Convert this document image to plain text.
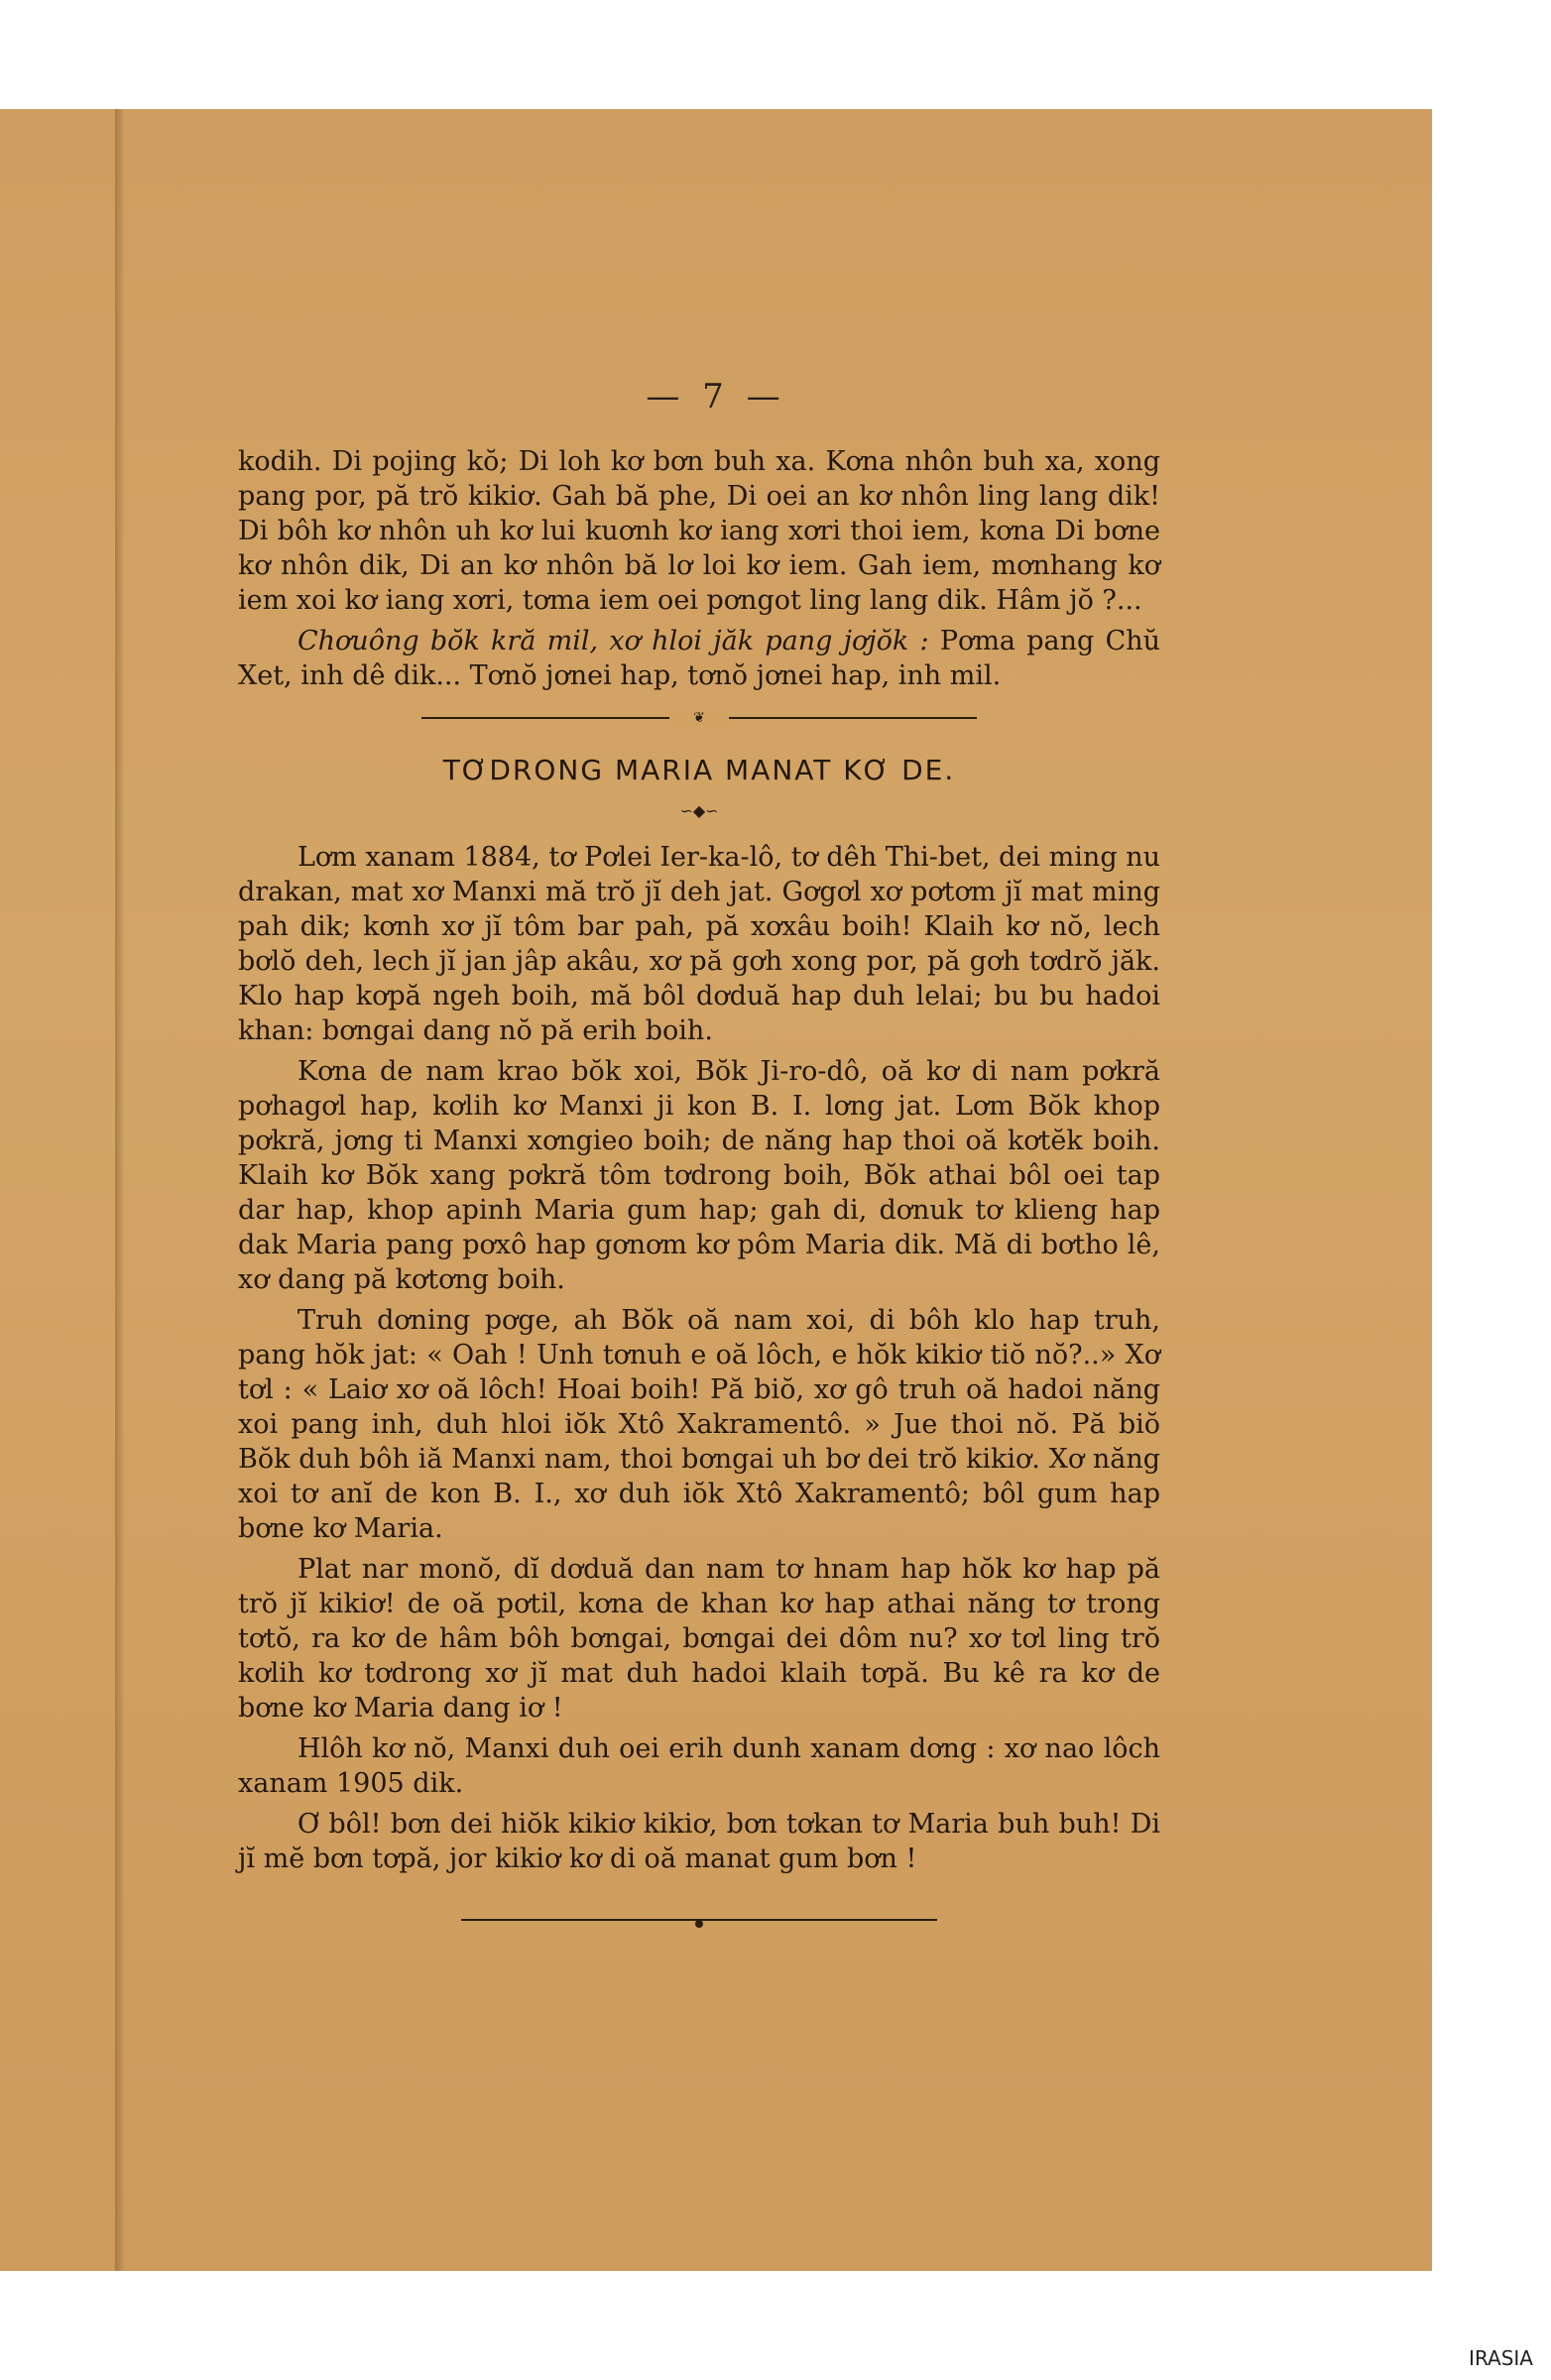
— 7 —

kodih. Di pojing kŏ; Di loh kơ bơn buh xa. Kơna nhôn buh xa, xong pang por, pă trŏ kikiơ. Gah bă phe, Di oei an kơ nhôn ling lang dik! Di bôh kơ nhôn uh kơ lui kuơnh kơ iang xơri thoi iem, kơna Di bơne kơ nhôn dik, Di an kơ nhôn bă lơ loi kơ iem. Gah iem, mơnhang kơ iem xoi kơ iang xơri, tơma iem oei pơngot ling lang dik. Hâm jŏ ?...

Chơuông bŏk kră mil, xơ hloi jăk pang jơjŏk : Pơma pang Chŭ Xet, inh dê dik... Tơnŏ jơnei hap, tơnŏ jơnei hap, inh mil.

❦
TƠDRONG MARIA MANAT KƠ DE.
∽◆∽

Lơm xanam 1884, tơ Pơlei Ier-ka-lô, tơ dêh Thi-bet, dei ming nu drakan, mat xơ Manxi mă trŏ jĭ deh jat. Gơgơl xơ pơtơm jĭ mat ming pah dik; kơnh xơ jĭ tôm bar pah, pă xơxâu boih! Klaih kơ nŏ, lech bơlŏ deh, lech jĭ jan jâp akâu, xơ pă gơh xong por, pă gơh tơdrŏ jăk. Klo hap kơpă ngeh boih, mă bôl dơduă hap duh lelai; bu bu hadoi khan: bơngai dang nŏ pă erih boih.

Kơna de nam krao bŏk xoi, Bŏk Ji-ro-dô, oă kơ di nam pơkră pơhagơl hap, kơlih kơ Manxi ji kon B. I. lơng jat. Lơm Bŏk khop pơkră, jơng ti Manxi xơngieo boih; de năng hap thoi oă kơtĕk boih. Klaih kơ Bŏk xang pơkră tôm tơdrong boih, Bŏk athai bôl oei tap dar hap, khop apinh Maria gum hap; gah di, dơnuk tơ klieng hap dak Maria pang pơxô hap gơnơm kơ pôm Maria dik. Mă di bơtho lê, xơ dang pă kơtơng boih.

Truh dơning pơge, ah Bŏk oă nam xoi, di bôh klo hap truh, pang hŏk jat: « Oah ! Unh tơnuh e oă lôch, e hŏk kikiơ tiŏ nŏ?..» Xơ tơl : « Laiơ xơ oă lôch! Hoai boih! Pă biŏ, xơ gô truh oă hadoi năng xoi pang inh, duh hloi iŏk Xtô Xakramentô. » Jue thoi nŏ. Pă biŏ Bŏk duh bôh iă Manxi nam, thoi bơngai uh bơ dei trŏ kikiơ. Xơ năng xoi tơ anĭ de kon B. I., xơ duh iŏk Xtô Xakramentô; bôl gum hap bơne kơ Maria.

Plat nar monŏ, dĭ dơduă dan nam tơ hnam hap hŏk kơ hap pă trŏ jĭ kikiơ! de oă pơtil, kơna de khan kơ hap athai năng tơ trong tơtŏ, ra kơ de hâm bôh bơngai, bơngai dei dôm nu? xơ tơl ling trŏ kơlih kơ tơdrong xơ jĭ mat duh hadoi klaih tơpă. Bu kê ra kơ de bơne kơ Maria dang iơ !

Hlôh kơ nŏ, Manxi duh oei erih dunh xanam dơng : xơ nao lôch xanam 1905 dik.

Ơ bôl! bơn dei hiŏk kikiơ kikiơ, bơn tơkan tơ Maria buh buh! Di jĭ mĕ bơn tơpă, jor kikiơ kơ di oă manat gum bơn !

IRASIA
